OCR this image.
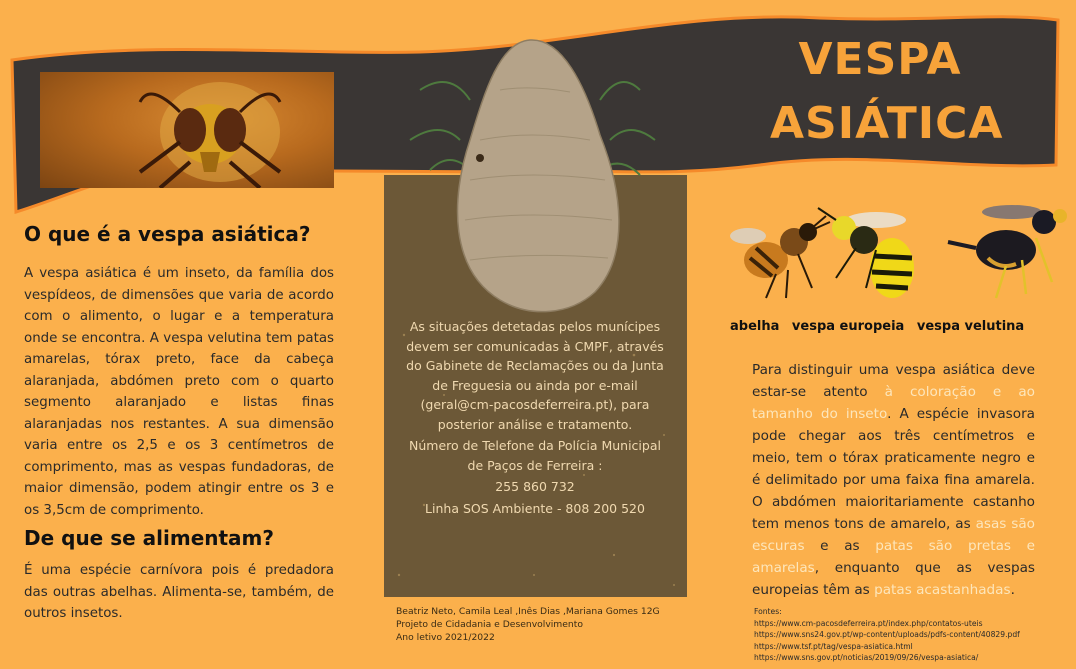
VESPA
ASIÁTICA
O que é a vespa asiática?
A vespa asiática é um inseto, da família dos vespídeos, de dimensões que varia de acordo com o alimento, o lugar e a temperatura onde se encontra. A vespa velutina tem patas amarelas, tórax preto, face da cabeça alaranjada, abdómen preto com o quarto segmento alaranjado e listas finas alaranjadas nos restantes. A sua dimensão varia entre os 2,5 e os 3 centímetros de comprimento, mas as vespas fundadoras, de maior dimensão, podem atingir entre os 3 e os 3,5cm de comprimento.
De que se alimentam?
É uma espécie carnívora pois é predadora das outras abelhas. Alimenta-se, também, de outros insetos.

As situações detetadas pelos munícipes devem ser comunicadas à CMPF, através do Gabinete de Reclamações ou da Junta de Freguesia ou ainda por e-mail (geral@cm-pacosdeferreira.pt), para posterior análise e tratamento.

Número de Telefone da Polícia Municipal de Paços de Ferreira :

255 860 732

Linha SOS Ambiente - 808 200 520

Beatriz Neto, Camila Leal ,Inês Dias ,Mariana Gomes 12G
Projeto de Cidadania e Desenvolvimento
Ano letivo 2021/2022
abelha vespa europeia vespa velutina
Para distinguir uma vespa asiática deve estar-se atento à coloração e ao tamanho do inseto. A espécie invasora pode chegar aos três centímetros e meio, tem o tórax praticamente negro e é delimitado por uma faixa fina amarela. O abdómen maioritariamente castanho tem menos tons de amarelo, as asas são escuras e as patas são pretas e amarelas, enquanto que as vespas europeias têm as patas acastanhadas.
Fontes:
https://www.cm-pacosdeferreira.pt/index.php/contatos-uteis
https://www.sns24.gov.pt/wp-content/uploads/pdfs-content/40829.pdf
https://www.tsf.pt/tag/vespa-asiatica.html
https://www.sns.gov.pt/noticias/2019/09/26/vespa-asiatica/
